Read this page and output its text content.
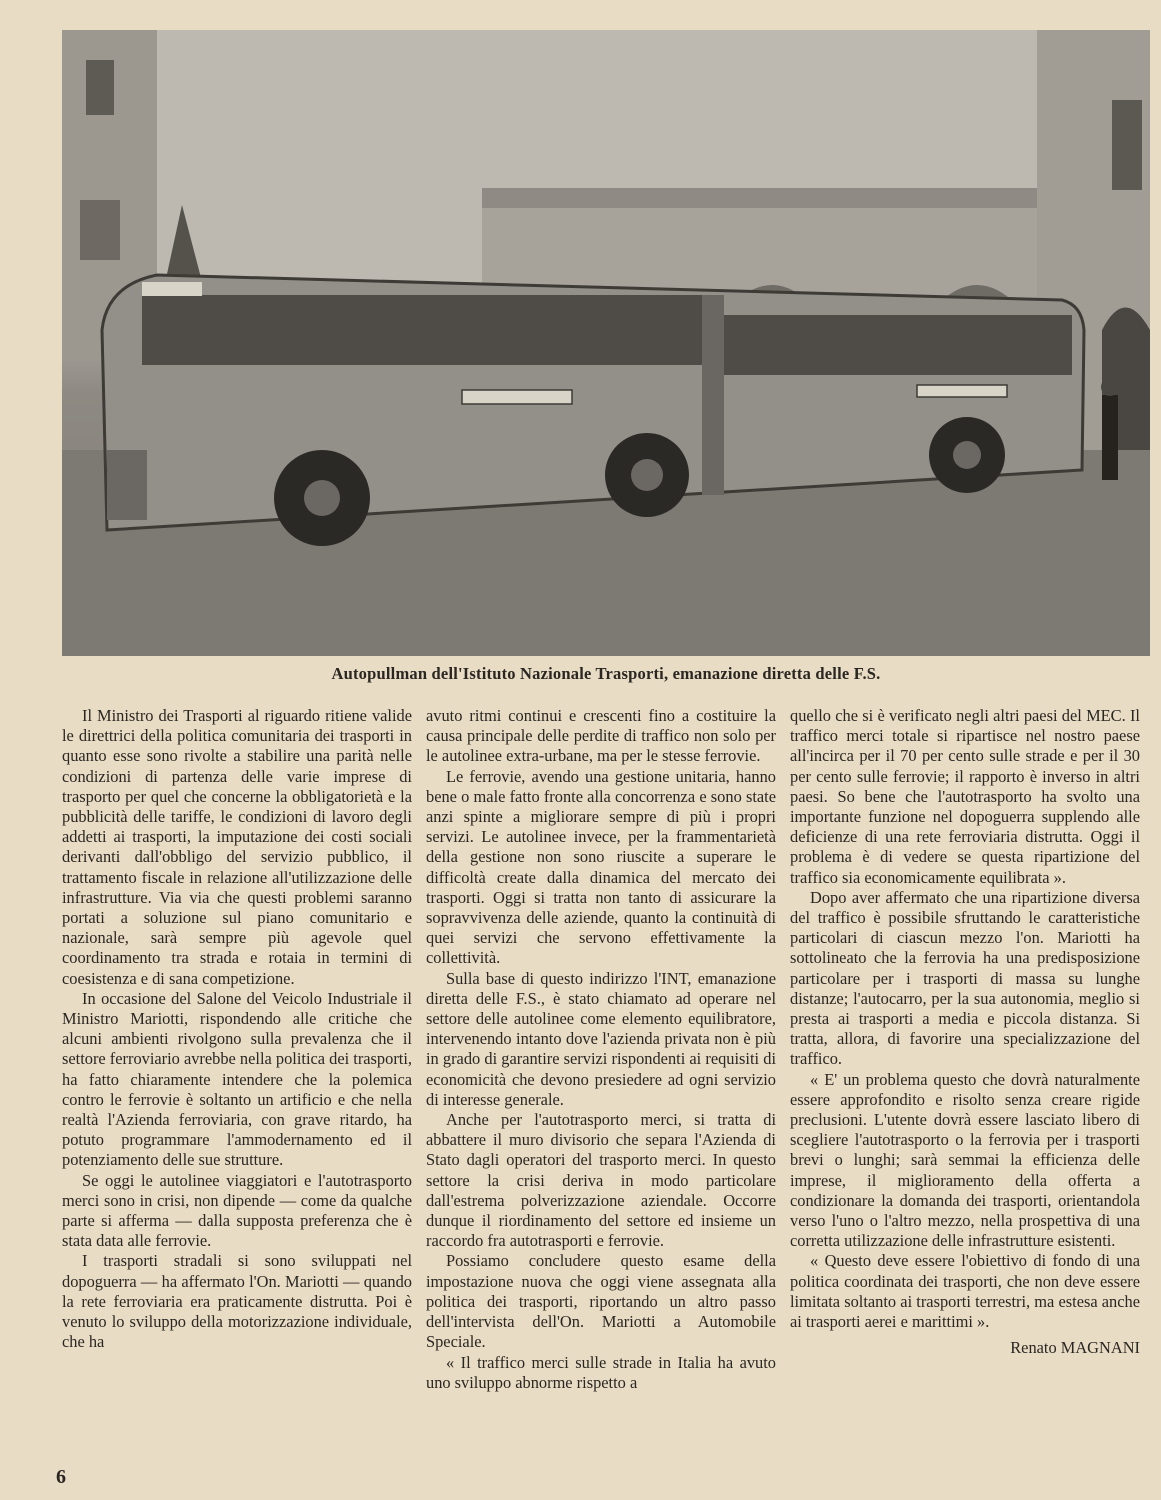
Autopullman dell'Istituto Nazionale Trasporti, emanazione diretta delle F.S.

Il Ministro dei Trasporti al riguardo ritiene valide le direttrici della politica comunitaria dei trasporti in quanto esse sono rivolte a stabilire una parità nelle condizioni di partenza delle varie imprese di trasporto per quel che concerne la obbligatorietà e la pubblicità delle tariffe, le condizioni di lavoro degli addetti ai trasporti, la imputazione dei costi sociali derivanti dall'obbligo del servizio pubblico, il trattamento fiscale in relazione all'utilizzazione delle infrastrutture. Via via che questi problemi saranno portati a soluzione sul piano comunitario e nazionale, sarà sempre più agevole quel coordinamento tra strada e rotaia in termini di coesistenza e di sana competizione.

In occasione del Salone del Veicolo Industriale il Ministro Mariotti, rispondendo alle critiche che alcuni ambienti rivolgono sulla prevalenza che il settore ferroviario avrebbe nella politica dei trasporti, ha fatto chiaramente intendere che la polemica contro le ferrovie è soltanto un artificio e che nella realtà l'Azienda ferroviaria, con grave ritardo, ha potuto programmare l'ammodernamento ed il potenziamento delle sue strutture.

Se oggi le autolinee viaggiatori e l'autotrasporto merci sono in crisi, non dipende — come da qualche parte si afferma — dalla supposta preferenza che è stata data alle ferrovie.

I trasporti stradali si sono sviluppati nel dopoguerra — ha affermato l'On. Mariotti — quando la rete ferroviaria era praticamente distrutta. Poi è venuto lo sviluppo della motorizzazione individuale, che ha

avuto ritmi continui e crescenti fino a costituire la causa principale delle perdite di traffico non solo per le autolinee extra-urbane, ma per le stesse ferrovie.

Le ferrovie, avendo una gestione unitaria, hanno bene o male fatto fronte alla concorrenza e sono state anzi spinte a migliorare sempre di più i propri servizi. Le autolinee invece, per la frammentarietà della gestione non sono riuscite a superare le difficoltà create dalla dinamica del mercato dei trasporti. Oggi si tratta non tanto di assicurare la sopravvivenza delle aziende, quanto la continuità di quei servizi che servono effettivamente la collettività.

Sulla base di questo indirizzo l'INT, emanazione diretta delle F.S., è stato chiamato ad operare nel settore delle autolinee come elemento equilibratore, intervenendo intanto dove l'azienda privata non è più in grado di garantire servizi rispondenti ai requisiti di economicità che devono presiedere ad ogni servizio di interesse generale.

Anche per l'autotrasporto merci, si tratta di abbattere il muro divisorio che separa l'Azienda di Stato dagli operatori del trasporto merci. In questo settore la crisi deriva in modo particolare dall'estrema polverizzazione aziendale. Occorre dunque il riordinamento del settore ed insieme un raccordo fra autotrasporti e ferrovie.

Possiamo concludere questo esame della impostazione nuova che oggi viene assegnata alla politica dei trasporti, riportando un altro passo dell'intervista dell'On. Mariotti a Automobile Speciale.

« Il traffico merci sulle strade in Italia ha avuto uno sviluppo abnorme rispetto a

quello che si è verificato negli altri paesi del MEC. Il traffico merci totale si ripartisce nel nostro paese all'incirca per il 70 per cento sulle strade e per il 30 per cento sulle ferrovie; il rapporto è inverso in altri paesi. So bene che l'autotrasporto ha svolto una importante funzione nel dopoguerra supplendo alle deficienze di una rete ferroviaria distrutta. Oggi il problema è di vedere se questa ripartizione del traffico sia economicamente equilibrata ».

Dopo aver affermato che una ripartizione diversa del traffico è possibile sfruttando le caratteristiche particolari di ciascun mezzo l'on. Mariotti ha sottolineato che la ferrovia ha una predisposizione particolare per i trasporti di massa su lunghe distanze; l'autocarro, per la sua autonomia, meglio si presta ai trasporti a media e piccola distanza. Si tratta, allora, di favorire una specializzazione del traffico.

« E' un problema questo che dovrà naturalmente essere approfondito e risolto senza creare rigide preclusioni. L'utente dovrà essere lasciato libero di scegliere l'autotrasporto o la ferrovia per i trasporti brevi o lunghi; sarà semmai la efficienza delle imprese, il miglioramento della offerta a condizionare la domanda dei trasporti, orientandola verso l'uno o l'altro mezzo, nella prospettiva di una corretta utilizzazione delle infrastrutture esistenti.

« Questo deve essere l'obiettivo di fondo di una politica coordinata dei trasporti, che non deve essere limitata soltanto ai trasporti terrestri, ma estesa anche ai trasporti aerei e marittimi ».

Renato MAGNANI

6
